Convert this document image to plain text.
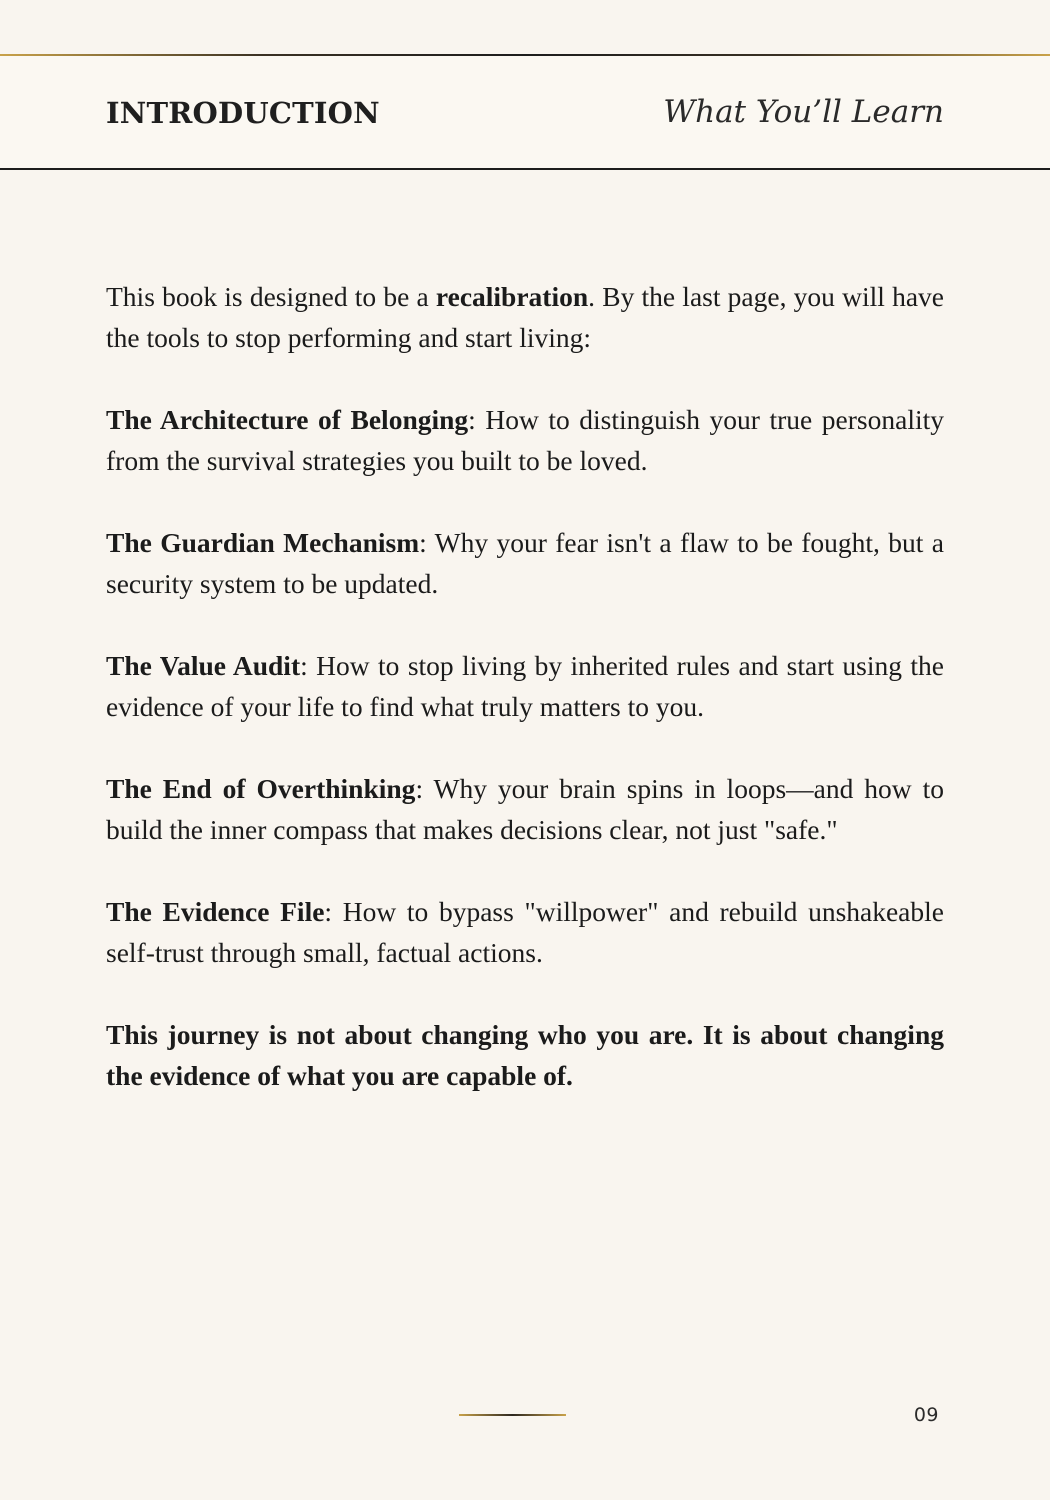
INTRODUCTION	What You’ll Learn

This book is designed to be a recalibration. By the last page, you will have the tools to stop performing and start living:

The Architecture of Belonging: How to distinguish your true personality from the survival strategies you built to be loved.

The Guardian Mechanism: Why your fear isn't a flaw to be fought, but a security system to be updated.

The Value Audit: How to stop living by inherited rules and start using the evidence of your life to find what truly matters to you.

The End of Overthinking: Why your brain spins in loops—and how to build the inner compass that makes decisions clear, not just "safe."

The Evidence File: How to bypass "willpower" and rebuild unshakeable self-trust through small, factual actions.

This journey is not about changing who you are. It is about changing the evidence of what you are capable of.

09
